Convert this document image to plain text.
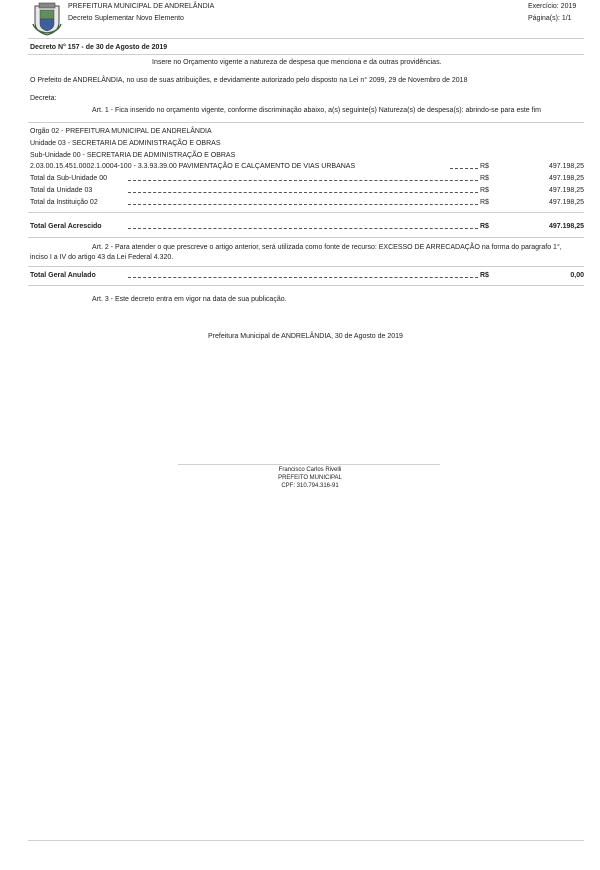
PREFEITURA MUNICIPAL DE ANDRELÂNDIA
Decreto Suplementar Novo Elemento
Exercício: 2019
Página(s): 1/1
Decreto N° 157 - de 30 de Agosto de 2019
Insere no Orçamento vigente a natureza de despesa que menciona e da outras providências.
O Prefeito de ANDRELÂNDIA, no uso de suas atribuições, e devidamente autorizado pelo disposto na Lei n° 2099, 29 de Novembro de 2018
Decreta:
Art. 1 - Fica inserido no orçamento vigente, conforme discriminação abaixo, a(s) seguinte(s) Natureza(s) de despesa(s): abrindo-se para este fim
Orgão 02 - PREFEITURA MUNICIPAL DE ANDRELÂNDIA
Unidade 03 - SECRETARIA DE ADMINISTRAÇÃO E OBRAS
Sub-Unidade 00 - SECRETARIA DE ADMINISTRAÇÃO E OBRAS
2.03.00.15.451.0002.1.0004-100 - 3.3.93.39.00 PAVIMENTAÇÃO E CALÇAMENTO DE VIAS URBANAS	R$	497.198,25
Total da Sub-Unidade 00	R$	497.198,25
Total da Unidade 03	R$	497.198,25
Total da Instituição 02	R$	497.198,25
Total Geral Acrescido	R$	497.198,25
Art. 2 - Para atender o que prescreve o artigo anterior, será utilizada como fonte de recurso: EXCESSO DE ARRECADAÇÃO na forma do paragrafo 1°,
inciso I a IV do artigo 43 da Lei Federal 4.320.
Total Geral Anulado	R$	0,00
Art. 3 - Este decreto entra em vigor na data de sua publicação.
Prefeitura Municipal de ANDRELÂNDIA, 30 de Agosto de 2019
Francisco Carlos Rivelli
PREFEITO MUNICIPAL
CPF: 310.794.316-91
